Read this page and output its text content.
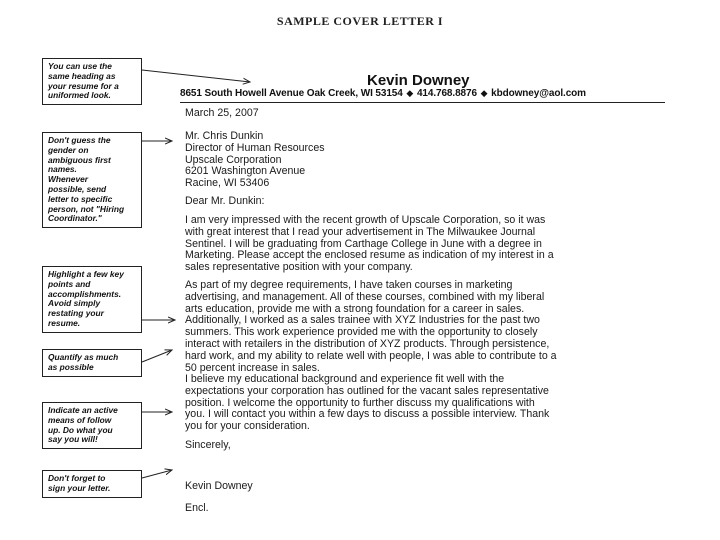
SAMPLE COVER LETTER I
Kevin Downey
8651 South Howell Avenue Oak Creek, WI 53154 ◆ 414.768.8876 ◆ kbdowney@aol.com
March 25, 2007
Mr. Chris Dunkin
Director of Human Resources
Upscale Corporation
6201 Washington Avenue
Racine, WI 53406
Dear Mr. Dunkin:
I am very impressed with the recent growth of Upscale Corporation, so it was
with great interest that I read your advertisement in The Milwaukee Journal
Sentinel. I will be graduating from Carthage College in June with a degree in
Marketing. Please accept the enclosed resume as indication of my interest in a
sales representative position with your company.
As part of my degree requirements, I have taken courses in marketing
advertising, and management. All of these courses, combined with my liberal
arts education, provide me with a strong foundation for a career in sales.
Additionally, I worked as a sales trainee with XYZ Industries for the past two
summers. This work experience provided me with the opportunity to closely
interact with retailers in the distribution of XYZ products. Through persistence,
hard work, and my ability to relate well with people, I was able to contribute to a
50 percent increase in sales.
I believe my educational background and experience fit well with the
expectations your corporation has outlined for the vacant sales representative
position. I welcome the opportunity to further discuss my qualifications with
you. I will contact you within a few days to discuss a possible interview. Thank
you for your consideration.
Sincerely,
Kevin Downey
Encl.
You can use the
same heading as
your resume for a
uniformed look.
Don't guess the
gender on
ambiguous first
names.
Whenever
possible, send
letter to specific
person, not "Hiring
Coordinator."
Highlight a few key
points and
accomplishments.
Avoid simply
restating your
resume.
Quantify as much
as possible
Indicate an active
means of follow
up. Do what you
say you will!
Don't forget to
sign your letter.
